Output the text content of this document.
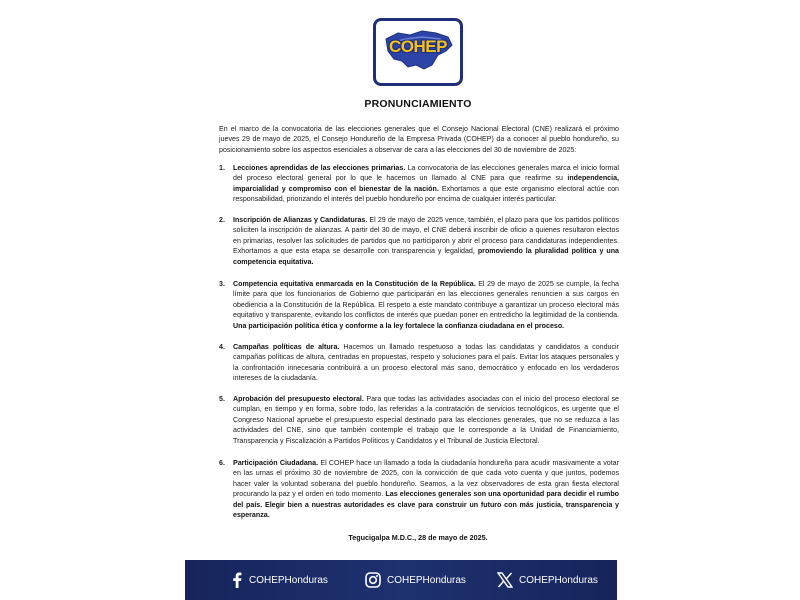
COHEP
PRONUNCIAMIENTO
En el marco de la convocatoria de las elecciones generales que el Consejo Nacional Electoral (CNE) realizará el próximo jueves 29 de mayo de 2025, el Consejo Hondureño de la Empresa Privada (COHEP) da a conocer al pueblo hondureño, su posicionamiento sobre los aspectos esenciales a observar de cara a las elecciones del 30 de noviembre de 2025:
1. Lecciones aprendidas de las elecciones primarias. La convocatoria de las elecciones generales marca el inicio formal del proceso electoral general por lo que le hacemos un llamado al CNE para que reafirme su independencia, imparcialidad y compromiso con el bienestar de la nación. Exhortamos a que este organismo electoral actúe con responsabilidad, priorizando el interés del pueblo hondureño por encima de cualquier interés particular.
2. Inscripción de Alianzas y Candidaturas. El 29 de mayo de 2025 vence, también, el plazo para que los partidos políticos soliciten la inscripción de alianzas. A partir del 30 de mayo, el CNE deberá inscribir de oficio a quienes resultaron electos en primarias, resolver las solicitudes de partidos que no participaron y abrir el proceso para candidaturas independientes. Exhortamos a que esta etapa se desarrolle con transparencia y legalidad, promoviendo la pluralidad política y una competencia equitativa.
3. Competencia equitativa enmarcada en la Constitución de la República. El 29 de mayo de 2025 se cumple, la fecha límite para que los funcionarios de Gobierno que participarán en las elecciones generales renuncien a sus cargos en obediencia a la Constitución de la República. El respeto a este mandato contribuye a garantizar un proceso electoral más equitativo y transparente, evitando los conflictos de interés que puedan poner en entredicho la legitimidad de la contienda. Una participación política ética y conforme a la ley fortalece la confianza ciudadana en el proceso.
4. Campañas políticas de altura. Hacemos un llamado respetuoso a todas las candidatas y candidatos a conducir campañas políticas de altura, centradas en propuestas, respeto y soluciones para el país. Evitar los ataques personales y la confrontación innecesaria contribuirá a un proceso electoral más sano, democrático y enfocado en los verdaderos intereses de la ciudadanía.
5. Aprobación del presupuesto electoral. Para que todas las actividades asociadas con el inicio del proceso electoral se cumplan, en tiempo y en forma, sobre todo, las referidas a la contratación de servicios tecnológicos, es urgente que el Congreso Nacional apruebe el presupuesto especial destinado para las elecciones generales, que no se reduzca a las actividades del CNE, sino que también contemple el trabajo que le corresponde a la Unidad de Financiamiento, Transparencia y Fiscalización a Partidos Políticos y Candidatos y el Tribunal de Justicia Electoral.
6. Participación Ciudadana. El COHEP hace un llamado a toda la ciudadanía hondureña para acudir masivamente a votar en las urnas el próximo 30 de noviembre de 2025, con la convicción de que cada voto cuenta y que juntos, podemos hacer valer la voluntad soberana del pueblo hondureño. Seamos, a la vez observadores de esta gran fiesta electoral procurando la paz y el orden en todo momento. Las elecciones generales son una oportunidad para decidir el rumbo del país. Elegir bien a nuestras autoridades es clave para construir un futuro con más justicia, transparencia y esperanza.
Tegucigalpa M.D.C., 28 de mayo de 2025.
COHEPHonduras	COHEPHonduras	COHEPHonduras
